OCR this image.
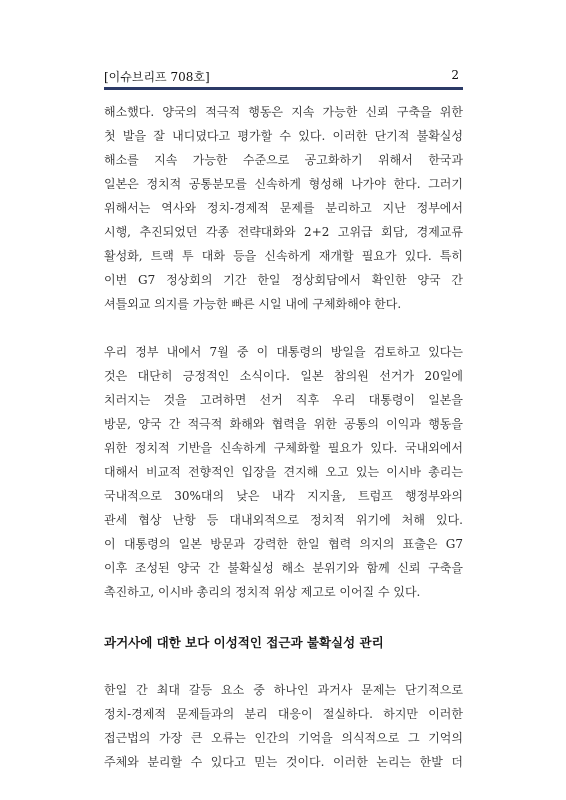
[이슈브리프 708호]	2
해소했다. 양국의 적극적 행동은 지속 가능한 신뢰 구축을 위한
첫 발을 잘 내디뎠다고 평가할 수 있다. 이러한 단기적 불확실성
해소를 지속 가능한 수준으로 공고화하기 위해서 한국과
일본은 정치적 공통분모를 신속하게 형성해 나가야 한다. 그러기
위해서는 역사와 정치-경제적 문제를 분리하고 지난 정부에서
시행, 추진되었던 각종 전략대화와 2+2 고위급 회담, 경제교류
활성화, 트랙 투 대화 등을 신속하게 재개할 필요가 있다. 특히
이번 G7 정상회의 기간 한일 정상회담에서 확인한 양국 간
셔틀외교 의지를 가능한 빠른 시일 내에 구체화해야 한다.
우리 정부 내에서 7월 중 이 대통령의 방일을 검토하고 있다는
것은 대단히 긍정적인 소식이다. 일본 참의원 선거가 20일에
치러지는 것을 고려하면 선거 직후 우리 대통령이 일본을
방문, 양국 간 적극적 화해와 협력을 위한 공통의 이익과 행동을
위한 정치적 기반을 신속하게 구체화할 필요가 있다. 국내외에서
대해서 비교적 전향적인 입장을 견지해 오고 있는 이시바 총리는
국내적으로 30%대의 낮은 내각 지지율, 트럼프 행정부와의
관세 협상 난항 등 대내외적으로 정치적 위기에 처해 있다.
이 대통령의 일본 방문과 강력한 한일 협력 의지의 표출은 G7
이후 조성된 양국 간 불확실성 해소 분위기와 함께 신뢰 구축을
촉진하고, 이시바 총리의 정치적 위상 제고로 이어질 수 있다.
과거사에 대한 보다 이성적인 접근과 불확실성 관리
한일 간 최대 갈등 요소 중 하나인 과거사 문제는 단기적으로
정치-경제적 문제들과의 분리 대응이 절실하다. 하지만 이러한
접근법의 가장 큰 오류는 인간의 기억을 의식적으로 그 기억의
주체와 분리할 수 있다고 믿는 것이다. 이러한 논리는 한발 더
